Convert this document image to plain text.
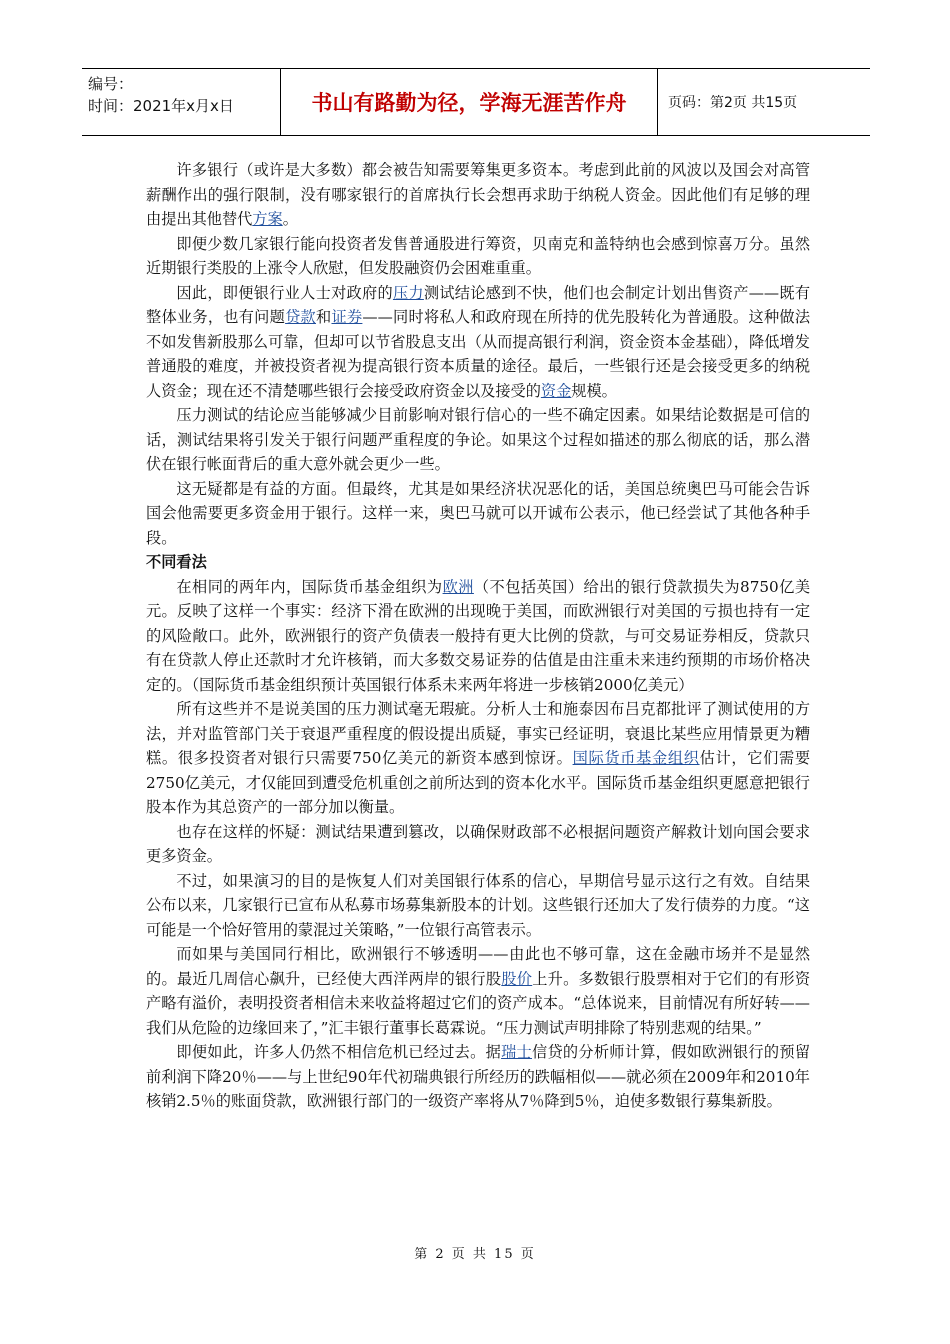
编号：
时间：2021年x月x日	书山有路勤为径，学海无涯苦作舟	页码：第2页 共15页

许多银行（或许是大多数）都会被告知需要筹集更多资本。考虑到此前的风波以及国会对高管薪酬作出的强行限制，没有哪家银行的首席执行长会想再求助于纳税人资金。因此他们有足够的理由提出其他替代方案。

即便少数几家银行能向投资者发售普通股进行筹资，贝南克和盖特纳也会感到惊喜万分。虽然近期银行类股的上涨令人欣慰，但发股融资仍会困难重重。

因此，即便银行业人士对政府的压力测试结论感到不快，他们也会制定计划出售资产——既有整体业务，也有问题贷款和证券——同时将私人和政府现在所持的优先股转化为普通股。这种做法不如发售新股那么可靠，但却可以节省股息支出（从而提高银行利润，资金资本金基础），降低增发普通股的难度，并被投资者视为提高银行资本质量的途径。最后，一些银行还是会接受更多的纳税人资金；现在还不清楚哪些银行会接受政府资金以及接受的资金规模。

压力测试的结论应当能够减少目前影响对银行信心的一些不确定因素。如果结论数据是可信的话，测试结果将引发关于银行问题严重程度的争论。如果这个过程如描述的那么彻底的话，那么潜伏在银行帐面背后的重大意外就会更少一些。

这无疑都是有益的方面。但最终，尤其是如果经济状况恶化的话，美国总统奥巴马可能会告诉国会他需要更多资金用于银行。这样一来，奥巴马就可以开诚布公表示，他已经尝试了其他各种手段。

不同看法

在相同的两年内，国际货币基金组织为欧洲（不包括英国）给出的银行贷款损失为8750亿美元。反映了这样一个事实：经济下滑在欧洲的出现晚于美国，而欧洲银行对美国的亏损也持有一定的风险敞口。此外，欧洲银行的资产负债表一般持有更大比例的贷款，与可交易证券相反，贷款只有在贷款人停止还款时才允许核销，而大多数交易证券的估值是由注重未来违约预期的市场价格决定的。（国际货币基金组织预计英国银行体系未来两年将进一步核销2000亿美元）

所有这些并不是说美国的压力测试毫无瑕疵。分析人士和施泰因布吕克都批评了测试使用的方法，并对监管部门关于衰退严重程度的假设提出质疑，事实已经证明，衰退比某些应用情景更为糟糕。很多投资者对银行只需要750亿美元的新资本感到惊讶。国际货币基金组织估计，它们需要2750亿美元，才仅能回到遭受危机重创之前所达到的资本化水平。国际货币基金组织更愿意把银行股本作为其总资产的一部分加以衡量。

也存在这样的怀疑：测试结果遭到篡改，以确保财政部不必根据问题资产解救计划向国会要求更多资金。

不过，如果演习的目的是恢复人们对美国银行体系的信心，早期信号显示这行之有效。自结果公布以来，几家银行已宣布从私募市场募集新股本的计划。这些银行还加大了发行债券的力度。“这可能是一个恰好管用的蒙混过关策略，”一位银行高管表示。

而如果与美国同行相比，欧洲银行不够透明——由此也不够可靠，这在金融市场并不是显然的。最近几周信心飙升，已经使大西洋两岸的银行股股价上升。多数银行股票相对于它们的有形资产略有溢价，表明投资者相信未来收益将超过它们的资产成本。“总体说来，目前情况有所好转——我们从危险的边缘回来了，”汇丰银行董事长葛霖说。“压力测试声明排除了特别悲观的结果。”

即便如此，许多人仍然不相信危机已经过去。据瑞士信贷的分析师计算，假如欧洲银行的预留前利润下降20％——与上世纪90年代初瑞典银行所经历的跌幅相似——就必须在2009年和2010年核销2.5％的账面贷款，欧洲银行部门的一级资产率将从7％降到5％，迫使多数银行募集新股。

第 2 页 共 15 页
